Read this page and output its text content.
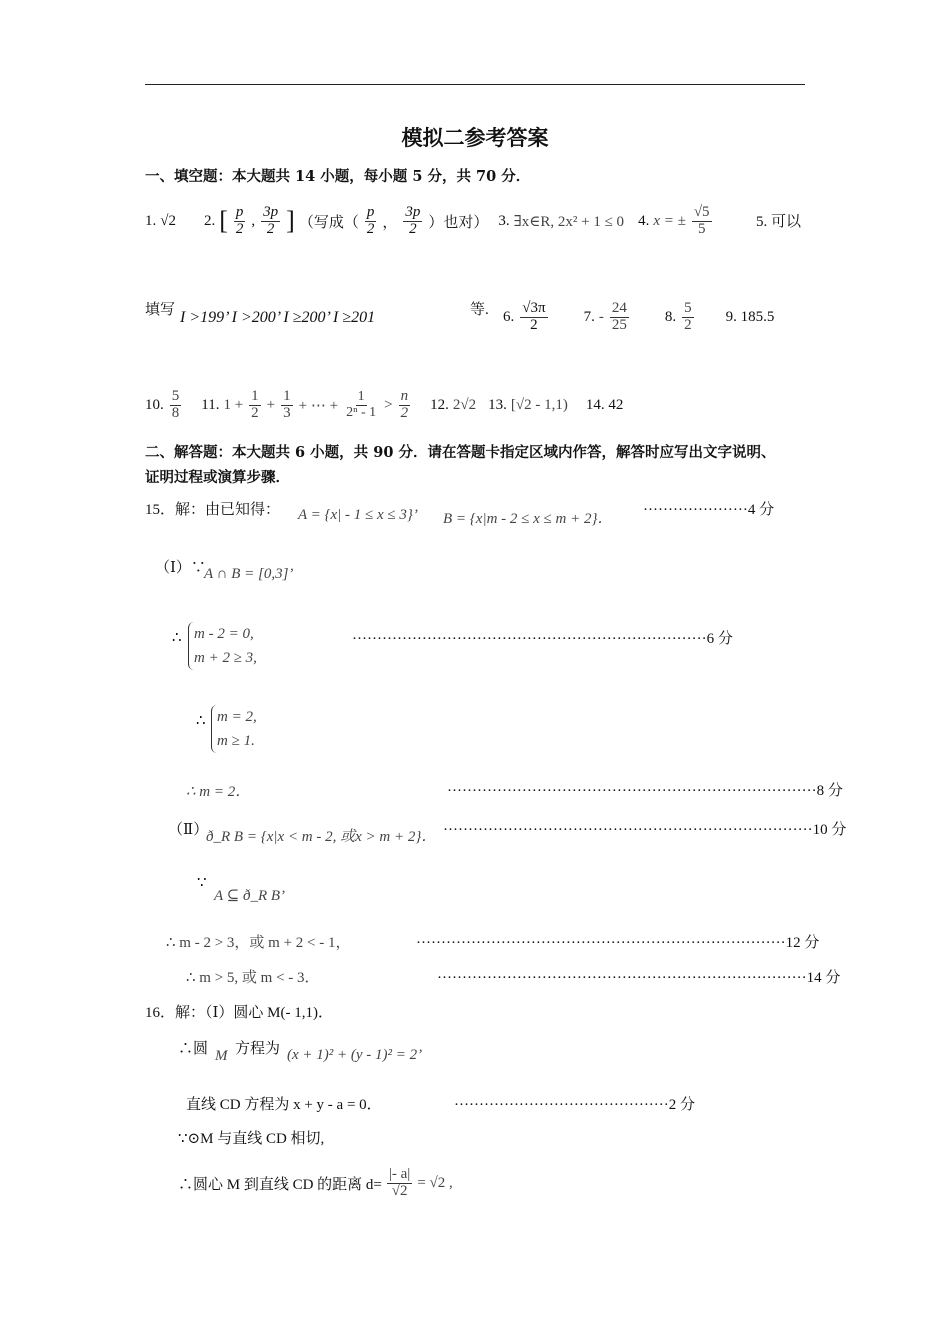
模拟二参考答案
一、填空题：本大题共 14 小题，每小题 5 分，共 70 分．
1. √2 2. [ $\frac{p}{2}$ , $\frac{3p}{2}$ ] （写成（ $\frac{p}{2}$ ， $\frac{3p}{2}$ ）也对） 3. ∃x∈R, 2x² + 1 ≤ 0 4. x = ± $\frac{√5}{5}$	5. 可以
填写 I >199’ I >200’ I ≥200’ I ≥201	等. 6. $\frac{√3\pi}{2} 7$. - $\frac{24}{25} 8$. $\frac{5}{2} 9$. 185.5
10. $\frac{5}{8} 11$. $1 + \frac{1}{2} + \frac{1}{3}$ + ⋯ + $\frac{1}{\text{2ⁿ - 1}} > \frac{n}{2} 12$. 2√2 13. [√2 - 1,1) 14. 42
二、解答题：本大题共 6 小题，共 90 分．请在答题卡指定区域内作答，解答时应写出文字说明、
证明过程或演算步骤．
15．解：由已知得： A = {x| - 1 ≤ x ≤ 3}’ B = {x|m - 2 ≤ x ≤ m + 2}．
·····················4 分
（Ⅰ）∵
A ∩ B = [0,3]’
∴ m - 2 = 0,
m + 2 ≥ 3,
·······································································6 分
∴ m = 2,
m ≥ 1.
∴ m = 2．	··········································································8 分
（Ⅱ）
ð_R B = {x|x < m - 2, 或x > m + 2}． ··········································································10 分
∵
A ⊆ ð_R B’
∴ m - 2 > 3，或 m + 2 < - 1，	··········································································12 分
∴ m > 5, 或 m < - 3．	··········································································14 分
16．解：（Ⅰ）圆心 M(- 1,1)．
∴圆 M 方程为 (x + 1)² + (y - 1)² = 2’
直线 CD 方程为 x + y - a = 0．	···········································2 分
∵⊙M 与直线 CD 相切,
∴圆心 M 到直线 CD 的距离 $d= \frac{|- a|}{√2} = √2$ ,
